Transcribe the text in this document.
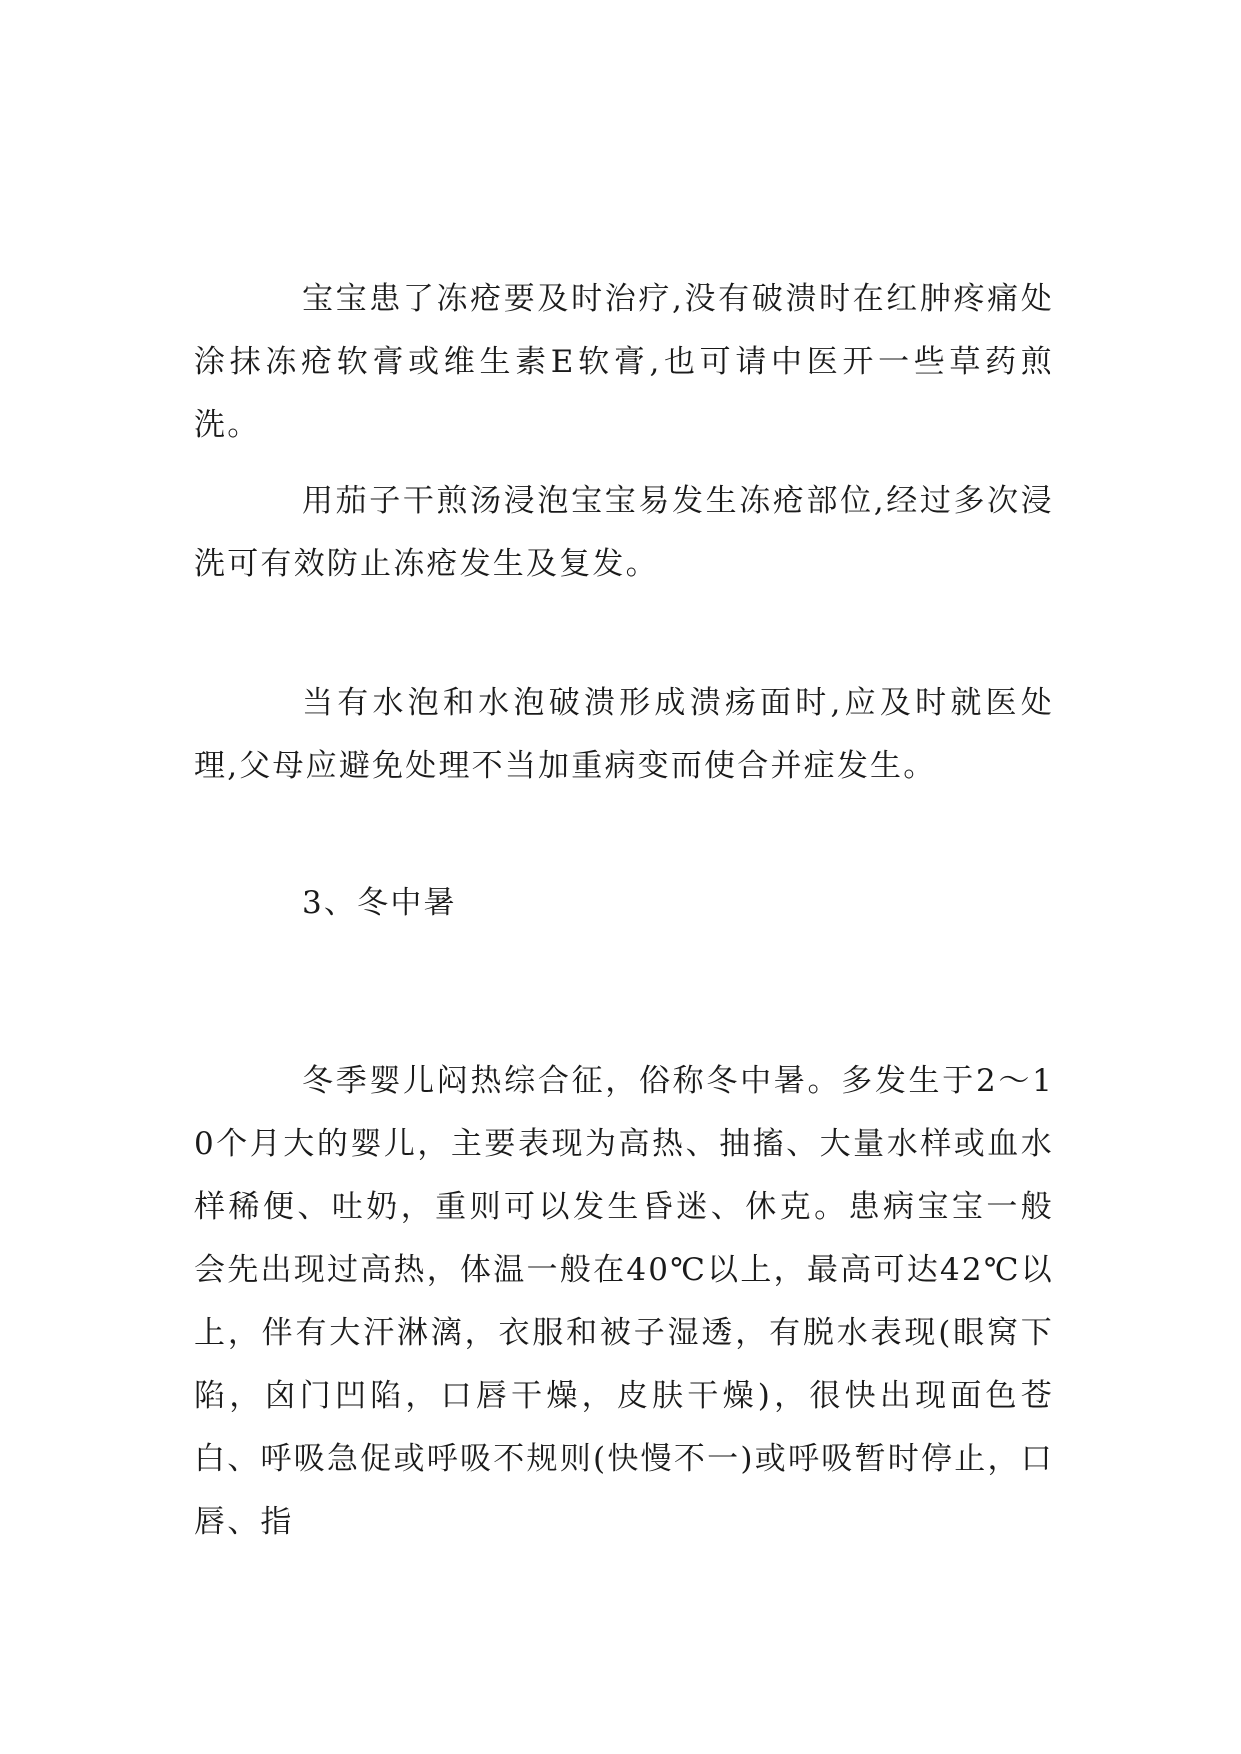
宝宝患了冻疮要及时治疗,没有破溃时在红肿疼痛处涂抹冻疮软膏或维生素E软膏,也可请中医开一些草药煎洗。

用茄子干煎汤浸泡宝宝易发生冻疮部位,经过多次浸洗可有效防止冻疮发生及复发。

当有水泡和水泡破溃形成溃疡面时,应及时就医处理,父母应避免处理不当加重病变而使合并症发生。

3、冬中暑

冬季婴儿闷热综合征，俗称冬中暑。多发生于2～10个月大的婴儿，主要表现为高热、抽搐、大量水样或血水样稀便、吐奶，重则可以发生昏迷、休克。患病宝宝一般会先出现过高热，体温一般在40℃以上，最高可达42℃以上，伴有大汗淋漓，衣服和被子湿透，有脱水表现(眼窝下陷，囟门凹陷，口唇干燥，皮肤干燥)，很快出现面色苍白、呼吸急促或呼吸不规则(快慢不一)或呼吸暂时停止，口唇、指
